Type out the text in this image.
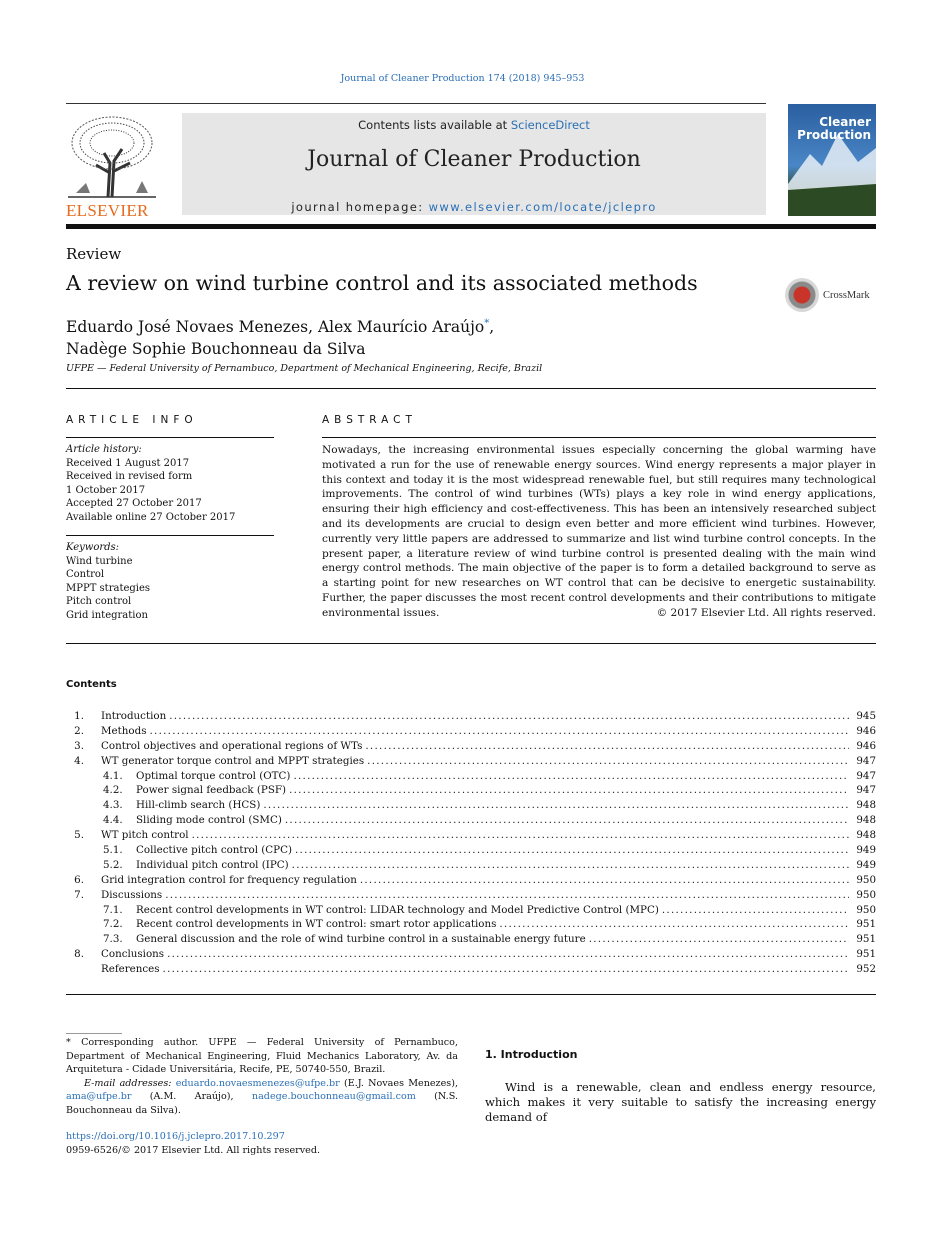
Journal of Cleaner Production 174 (2018) 945–953
ELSEVIER
Contents lists available at ScienceDirect
Journal of Cleaner Production
journal homepage: www.elsevier.com/locate/jclepro
Cleaner
Production
Review
A review on wind turbine control and its associated methods	CrossMark
Eduardo José Novaes Menezes, Alex Maurício Araújo*,
Nadège Sophie Bouchonneau da Silva
UFPE — Federal University of Pernambuco, Department of Mechanical Engineering, Recife, Brazil
ARTICLE INFO	ABSTRACT
Article history:
Received 1 August 2017
Received in revised form
1 October 2017
Accepted 27 October 2017
Available online 27 October 2017
Keywords:
Wind turbine
Control
MPPT strategies
Pitch control
Grid integration
Nowadays, the increasing environmental issues especially concerning the global warming have motivated a run for the use of renewable energy sources. Wind energy represents a major player in this context and today it is the most widespread renewable fuel, but still requires many technological improvements. The control of wind turbines (WTs) plays a key role in wind energy applications, ensuring their high efficiency and cost-effectiveness. This has been an intensively researched subject and its developments are crucial to design even better and more efficient wind turbines. However, currently very little papers are addressed to summarize and list wind turbine control concepts. In the present paper, a literature review of wind turbine control is presented dealing with the main wind energy control methods. The main objective of the paper is to form a detailed background to serve as a starting point for new researches on WT control that can be decisive to energetic sustainability. Further, the paper discusses the most recent control developments and their contributions to mitigate environmental issues.	© 2017 Elsevier Ltd. All rights reserved.
Contents
1.	Introduction . . .	945
2.	Methods . . .	946
3.	Control objectives and operational regions of WTs . . .	946
4.	WT generator torque control and MPPT strategies . . .	947
4.1.	Optimal torque control (OTC) . . .	947
4.2.	Power signal feedback (PSF) . . .	947
4.3.	Hill-climb search (HCS) . . .	948
4.4.	Sliding mode control (SMC) . . .	948
5.	WT pitch control . . .	948
5.1.	Collective pitch control (CPC) . . .	949
5.2.	Individual pitch control (IPC) . . .	949
6.	Grid integration control for frequency regulation . . .	950
7.	Discussions . . .	950
7.1.	Recent control developments in WT control: LIDAR technology and Model Predictive Control (MPC) . . .	950
7.2.	Recent control developments in WT control: smart rotor applications . . .	951
7.3.	General discussion and the role of wind turbine control in a sustainable energy future . . .	951
8.	Conclusions . . .	951
References . . .	952
* Corresponding author. UFPE — Federal University of Pernambuco, Department of Mechanical Engineering, Fluid Mechanics Laboratory, Av. da Arquitetura - Cidade Universitária, Recife, PE, 50740-550, Brazil.
E-mail addresses: eduardo.novaesmenezes@ufpe.br (E.J. Novaes Menezes), ama@ufpe.br (A.M. Araújo), nadege.bouchonneau@gmail.com (N.S. Bouchonneau da Silva).
https://doi.org/10.1016/j.jclepro.2017.10.297
0959-6526/© 2017 Elsevier Ltd. All rights reserved.
1. Introduction
Wind is a renewable, clean and endless energy resource, which makes it very suitable to satisfy the increasing energy demand of
